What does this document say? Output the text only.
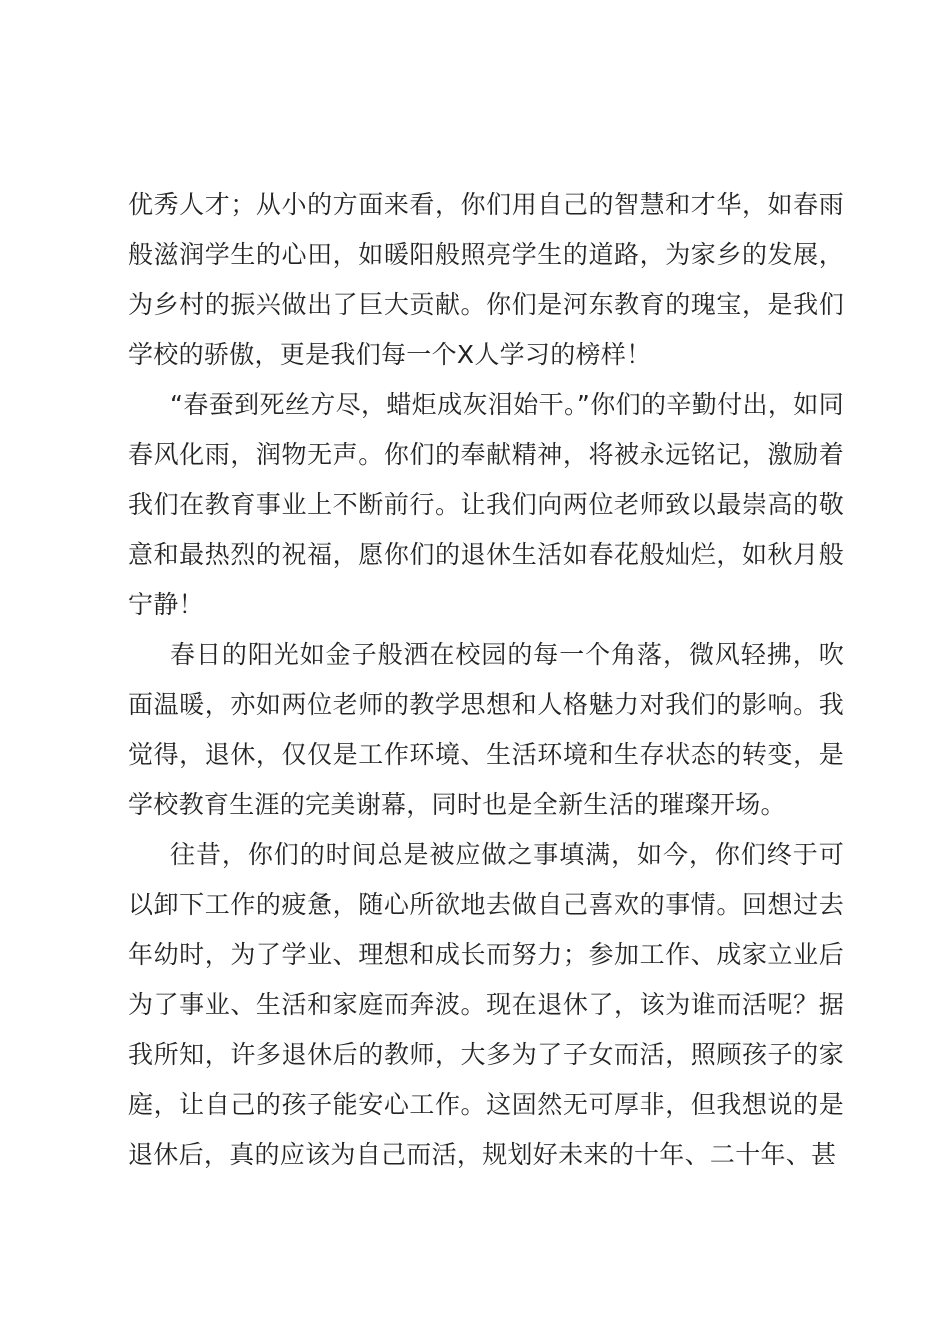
优秀人才；从小的方面来看，你们用自己的智慧和才华，如春雨般滋润学生的心田，如暖阳般照亮学生的道路，为家乡的发展，为乡村的振兴做出了巨大贡献。你们是河东教育的瑰宝，是我们学校的骄傲，更是我们每一个X人学习的榜样！

“春蚕到死丝方尽，蜡炬成灰泪始干。”你们的辛勤付出，如同春风化雨，润物无声。你们的奉献精神，将被永远铭记，激励着我们在教育事业上不断前行。让我们向两位老师致以最崇高的敬意和最热烈的祝福，愿你们的退休生活如春花般灿烂，如秋月般宁静！

春日的阳光如金子般洒在校园的每一个角落，微风轻拂，吹面温暖，亦如两位老师的教学思想和人格魅力对我们的影响。我觉得，退休，仅仅是工作环境、生活环境和生存状态的转变，是学校教育生涯的完美谢幕，同时也是全新生活的璀璨开场。

往昔，你们的时间总是被应做之事填满，如今，你们终于可以卸下工作的疲惫，随心所欲地去做自己喜欢的事情。回想过去年幼时，为了学业、理想和成长而努力；参加工作、成家立业后为了事业、生活和家庭而奔波。现在退休了，该为谁而活呢？据我所知，许多退休后的教师，大多为了子女而活，照顾孩子的家庭，让自己的孩子能安心工作。这固然无可厚非，但我想说的是退休后，真的应该为自己而活，规划好未来的十年、二十年、甚
